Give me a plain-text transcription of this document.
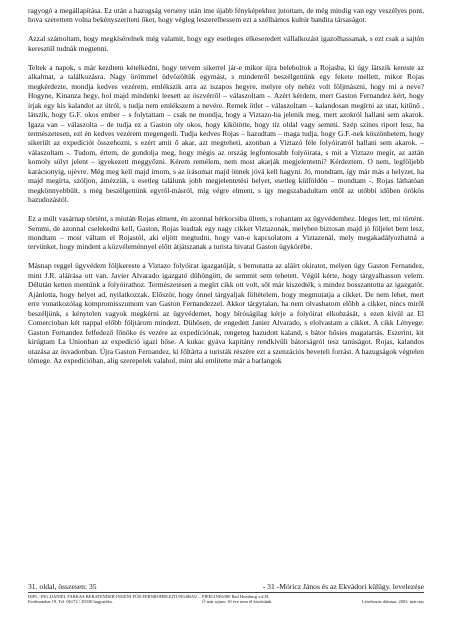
ragyogó a megállapítása. Ez után a hazugság verseny után ime újabb fényképekhez jutottam, de még mindig van egy veszélyes pont, hova szerettem volna bekényszeríteni őket, hogy végleg leszerelhessem ezt a szélhámos kultúr bandita társaságot.

Azzal számoltam, hogy megkísérelnek még valamit, hogy egy esetleges elkeseredett vállalkozást igazolhassanak, s ezt csak a sajtón keresztül tudnák megtenni.

Teltek a napok, s már kezdtem kételkedni, hogy tervem sikerrel jár-e mikor újra beleboltok a Rojasba, ki úgy látszik kereste az alkalmat, a találkozásra. Nagy örömmel üdvözöltük egymást, s mindenről beszélgettünk egy fekete mellett, mikor Rojas megkérdezte, mondja kedves vezérem, emlékszik arra az iszapos hegyre, melyre oly nehéz volt följmászni, hogy mi a neve? Hogyne, Kinanza hegy, hol majd mindenki leesett az öszvérről – válaszoltam -. Azért kérdem, mert Gaston Fernandez kért, hogy írjak egy kis kalandot az útról, s tudja nem emlékszem a nevére. Remek ötlet – válaszoltam – kalandosan megírni az utat, kitűnő , látszik, hogy G.F. okos ember – s folytattam – csak ne mondja, hogy a Viztazo-ba jelenik meg, mert azokról hallani sem akarok. Igaza van – válaszolta – de tudja ez a Gaston oly okos, hogy kikötötte, hogy tíz oldal vagy semmi. Szép színes riport lesz, ha természetesen, ezt én kedves vezérem megengedi. Tudja kedves Rojas – hazudtam – maga tudja, hogy G.F.-nek köszönhetem, hogy sikerült az expedíciót összehozni, s ezért amit ő akar, azt megteheti, azonban a Viztazó féle folyóiratról hallani sem akarok. – válaszoltam -. Tudom, értem, de gondolja meg, hogy mégis az ország legfontosabb folyóirata, s mit a Viztazo megír, az aztán komoly súlyt jelent – igyekezett meggyőzni. Kérem remélem, nem most akarják megjelentetni? Kérdeztem. O nem, legföljebb karácsonyig, ujévre. Még meg kell majd írnom, s az írásomat majd önnek jóvá kell hagyni. Jó, mondtam, így már más a helyzet, ha majd megírta, szóljon, átnézzük, s esetleg találunk jobb megjelentetési helyet, esetleg külföldön – mondtam -. Rojas láthatóan megkönnyebbült, s még beszélgettünk egyről-másról, míg végre elment, s így megszabadultam ettől az utóbbi időben örökös hazudozástól.

Ez a múlt vasárnap történt, s miután Rojas elment, én azonnal bérkocsiba ültem, s rohantam az ügyvédemhez. Ideges lett, mi történt. Semmi, de azonnal cselekedni kell, Gaston, Rojas leadtak egy nagy cikket Viztazonak, melyben biztosan majd jó följelet bent lesz, mondtam – most váltam el Rojastól, aki eljött megtudni, hogy van-e kapcsolatom a Viztazenál, mely megakadályozhatná a tervünket, hogy mindent a közvéleménnyel előtt átjátszanak a turista hivatal Gaston ügykörébe.

Másnap reggel ügyvédem följkereste a Viztazo folyóirat igazgatóját, s bemutatta az aláírt okiratot, melyen úgy Gaston Fernandez, mint J.R. aláírása ott van. Javier Alvarado igazgató dühöngött, de semmit sem tehetett. Végül kérte, hogy tárgyalhasson velem. Délután ketten mentünk a folyóirathoz. Természetesen a megírt cikk ott volt, sőt már kiszedték, s mindez bosszantotta az igazgatót. Ajánlotta, hogy helyet ad, nyilatkozzak. Először, hogy önnel tárgyaljak föltételem, hogy megmutatja a cikket. De nem lehet, mert erre vonatkozólag kompromisszumom van Gaston Fernandezzel. Akkor tárgytalan, ha nem olvashatom előbb a cikket, nincs miről beszéljünk, s kénytelen vagyok megkérni az ügyvédemet, hogy bíróságilag kérje a folyóirat elkobzását, s ezen kívül az El Comercioban két nappal előbb följtárom mindezt. Dühösen, de engedett Janier Alvarado, s elolvastam a cikket. A cikk Lényege: Gaston Fernandez felfedező főnöke és vezére az expedíciónak, rengeteg hazudott kaland, s bátor hősies magatartás. Eszerint, kit kirúgtam La Unionban az expedíció igazi hőse. A kukac gyáva kapitány rendkívüli bátorságról tesz tanúságot. Rojas, kalandos utazása az ösvadonban. Újra Gaston Fernandez, ki főltárta a turisták részére ezt a szenzációs beveteli forrást. A hazugságok végtelen tömege. Az expedícióban, alig szerepelek valahol, mint aki említette már a barlangok

31. oldal, összesen: 35	- 31 -Móricz János és az Ekvádori külügy. levelezése
DIPL.-ING.DANIEL FARKAS BERATENDER INGENI FÜR FERNROHRLEITUNGSBAU – PIPELINE6380 Bad Homburg v.d.H.
Ferdinandstr.19, Tel. 06172 / 29330 hagyatéka.	Ő már sajnos 10 éve nem él közöttünk.	Létrehozás dátuma: 2003. március
